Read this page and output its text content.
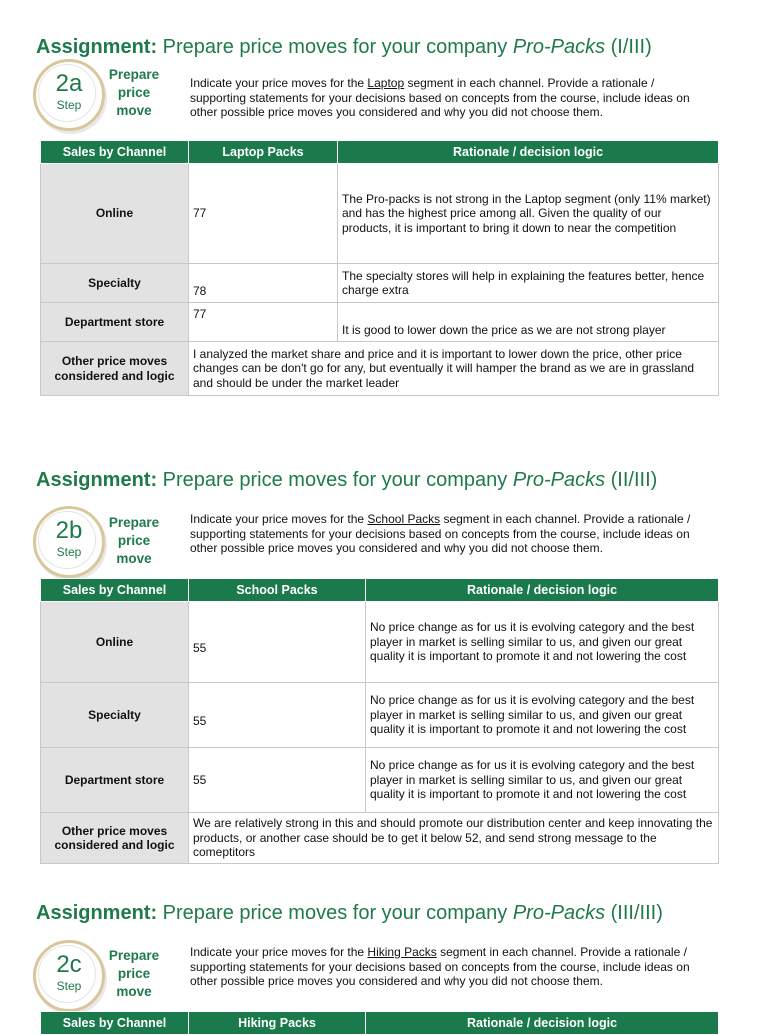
Assignment: Prepare price moves for your company Pro-Packs (I/III)
2a
Step
Prepare
price
move
Indicate your price moves for the Laptop segment in each channel. Provide a rationale / supporting statements for your decisions based on concepts from the course, include ideas on other possible price moves you considered and why you did not choose them.
Sales by Channel	Laptop Packs	Rationale / decision logic
Online	77	The Pro-packs is not strong in the Laptop segment (only 11% market) and has the highest price among all. Given the quality of our products, it is important to bring it down to near the competition
Specialty	78	The specialty stores will help in explaining the features better, hence charge extra
Department store	77	It is good to lower down the price as we are not strong player
Other price moves considered and logic	I analyzed the market share and price and it is important to lower down the price, other price changes can be don't go for any, but eventually it will hamper the brand as we are in grassland and should be under the market leader	
Assignment: Prepare price moves for your company Pro-Packs (II/III)
2b
Step
Prepare
price
move
Indicate your price moves for the School Packs segment in each channel. Provide a rationale / supporting statements for your decisions based on concepts from the course, include ideas on other possible price moves you considered and why you did not choose them.
Sales by Channel	School Packs	Rationale / decision logic
Online	55	No price change as for us it is evolving category and the best player in market is selling similar to us, and given our great quality it is important to promote it and not lowering the cost
Specialty	55	No price change as for us it is evolving category and the best player in market is selling similar to us, and given our great quality it is important to promote it and not lowering the cost
Department store	55	No price change as for us it is evolving category and the best player in market is selling similar to us, and given our great quality it is important to promote it and not lowering the cost
Other price moves considered and logic	We are relatively strong in this and should promote our distribution center and keep innovating the products, or another case should be to get it below 52, and send strong message to the comeptitors	
Assignment: Prepare price moves for your company Pro-Packs (III/III)
2c
Step
Prepare
price
move
Indicate your price moves for the Hiking Packs segment in each channel. Provide a rationale / supporting statements for your decisions based on concepts from the course, include ideas on other possible price moves you considered and why you did not choose them.
Sales by Channel	Hiking Packs	Rationale / decision logic
